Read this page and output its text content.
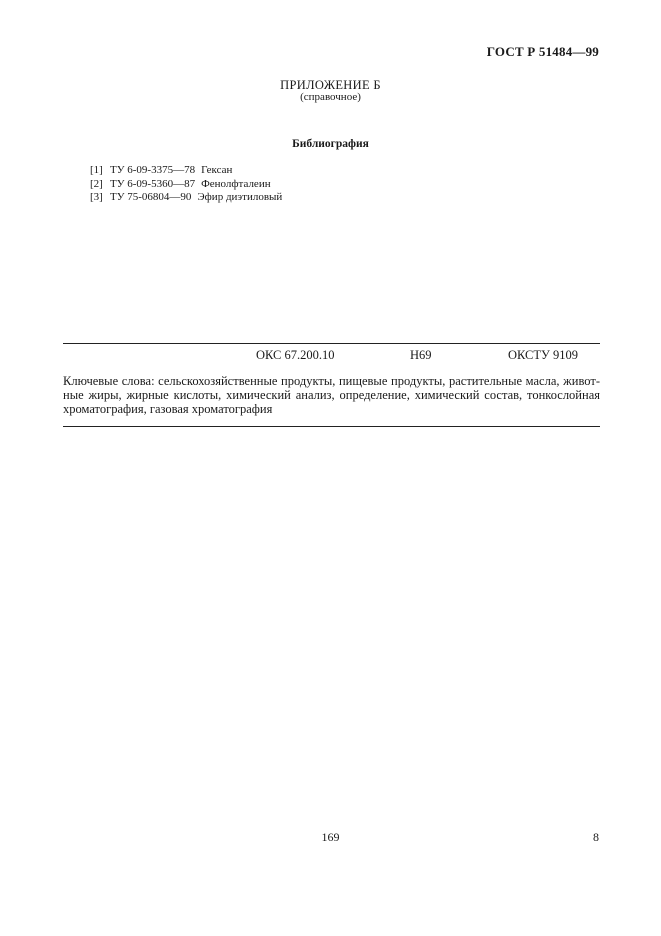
ГОСТ Р 51484—99
ПРИЛОЖЕНИЕ Б
(справочное)
Библиография
[1] ТУ 6-09-3375—78 Гексан
[2] ТУ 6-09-5360—87 Фенолфталеин
[3] ТУ 75-06804—90 Эфир диэтиловый
ОКС 67.200.10	Н69	ОКСТУ 9109
Ключевые слова: сельскохозяйственные продукты, пищевые продукты, растительные масла, живот-
ные жиры, жирные кислоты, химический анализ, определение, химический состав, тонкослойная
хроматография, газовая хроматография
169	8
